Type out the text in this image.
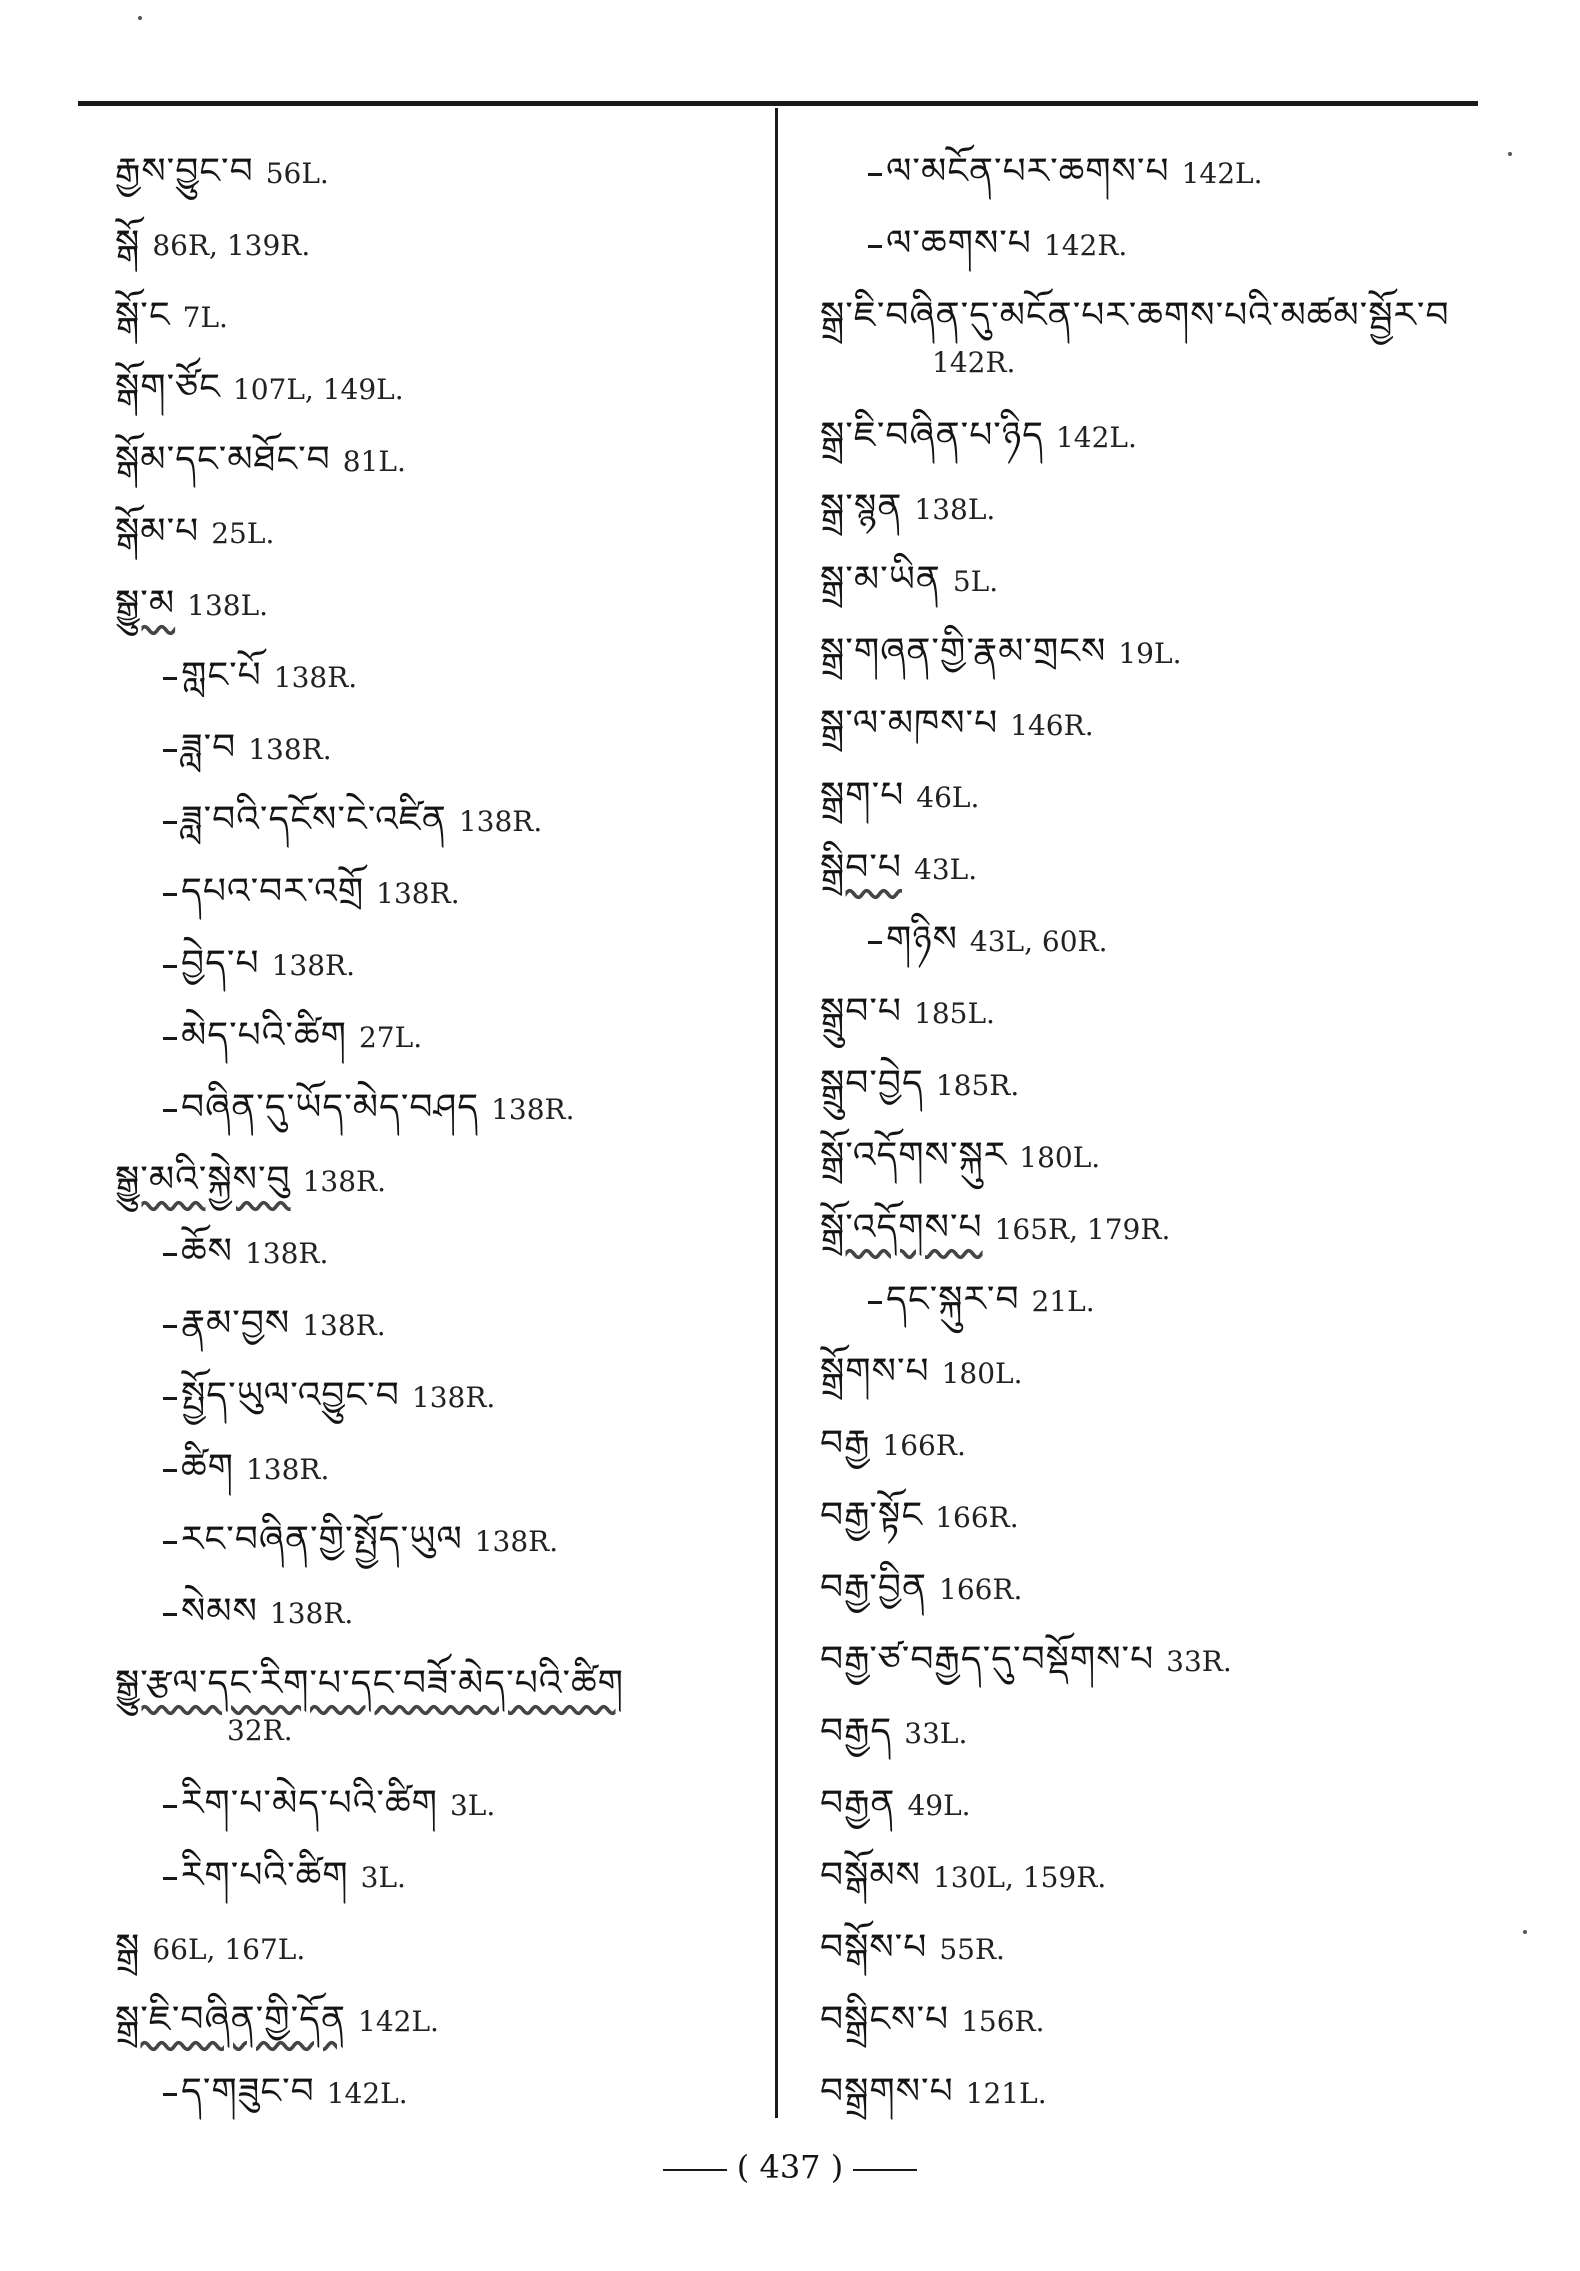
རྒྱས་བྱུང་བ 56L.
སྒོ 86R, 139R.
སྒོ་ང 7L.
སྒོག་ཙོང 107L, 149L.
སྒོམ་དང་མཐོང་བ 81L.
སྒོམ་པ 25L.
སྒྱུ་མ 138L.
གླང་པོ 138R.
ཟླ་བ 138R.
ཟླ་བའི་དངོས་ངེ་འཛིན 138R.
དཔའ་བར་འགྲོ 138R.
བྱེད་པ 138R.
མེད་པའི་ཚིག 27L.
བཞིན་དུ་ཡོད་མེད་བཤད 138R.
སྒྱུ་མའི་སྐྱེས་བུ 138R.
ཆོས 138R.
རྣམ་བྱས 138R.
སྤྱོད་ཡུལ་འབྱུང་བ 138R.
ཚིག 138R.
རང་བཞིན་གྱི་སྤྱོད་ཡུལ 138R.
སེམས 138R.
སྒྱུ་རྩལ་དང་རིག་པ་དང་བཟོ་མེད་པའི་ཚིག
32R.
རིག་པ་མེད་པའི་ཚིག 3L.
རིག་པའི་ཚིག 3L.
སྒྲ 66L, 167L.
སྒྲ་ཇི་བཞིན་གྱི་དོན 142L.
ད་གཟུང་བ 142L.
ལ་མངོན་པར་ཆགས་པ 142L.
ལ་ཆགས་པ 142R.
སྒྲ་ཇི་བཞིན་དུ་མངོན་པར་ཆགས་པའི་མཚམ་སྦྱོར་བ
142R.
སྒྲ་ཇི་བཞིན་པ་ཉིད 142L.
སྒྲ་སྙན 138L.
སྒྲ་མ་ཡིན 5L.
སྒྲ་གཞན་གྱི་རྣམ་གྲངས 19L.
སྒྲ་ལ་མཁས་པ 146R.
སྒྲག་པ 46L.
སྒྲིབ་པ 43L.
གཉིས 43L, 60R.
སྒྲུབ་པ 185L.
སྒྲུབ་བྱེད 185R.
སྒྲོ་འདོགས་སྐུར 180L.
སྒྲོ་འདོགས་པ 165R, 179R.
དང་སྐུར་བ 21L.
སྒྲོགས་པ 180L.
བརྒྱ 166R.
བརྒྱ་སྟོང 166R.
བརྒྱ་བྱིན 166R.
བརྒྱ་ཙ་བརྒྱད་དུ་བསྡོགས་པ 33R.
བརྒྱད 33L.
བརྒྱན 49L.
བསྒོམས 130L, 159R.
བསྒོས་པ 55R.
བསྒྲིངས་པ 156R.
བསྒྲགས་པ 121L.
( 437 )
